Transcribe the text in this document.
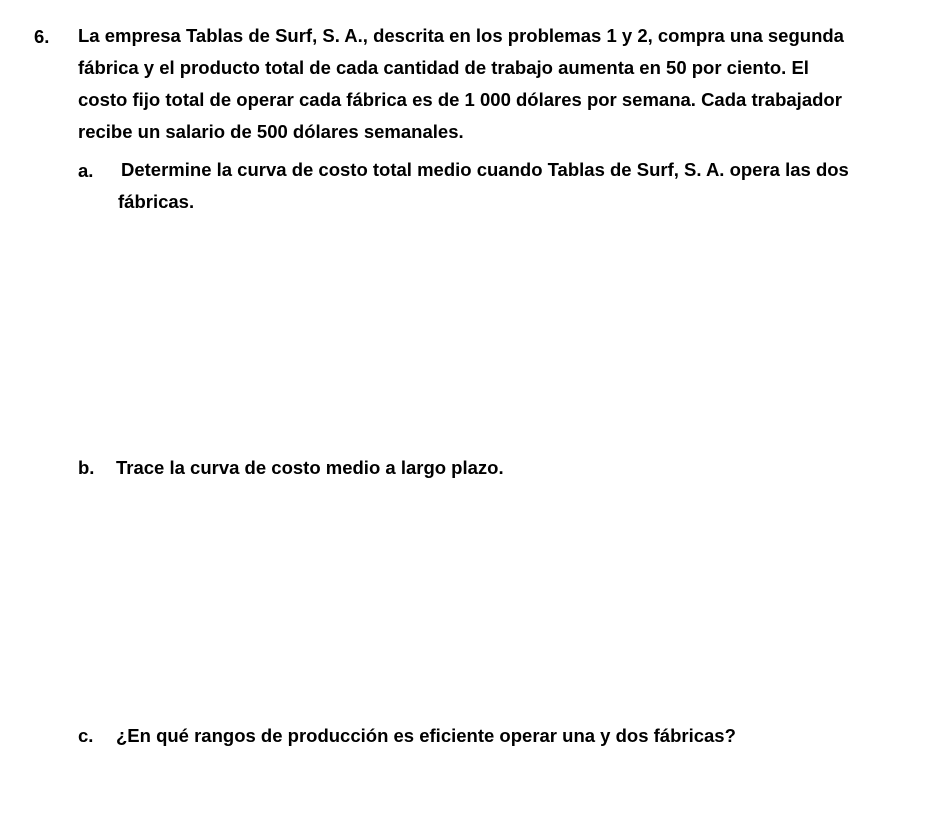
6. La empresa Tablas de Surf, S. A., descrita en los problemas 1 y 2, compra una segunda
fábrica y el producto total de cada cantidad de trabajo aumenta en 50 por ciento. El
costo fijo total de operar cada fábrica es de 1 000 dólares por semana. Cada trabajador
recibe un salario de 500 dólares semanales.
a. Determine la curva de costo total medio cuando Tablas de Surf, S. A. opera las dos
fábricas.
b. Trace la curva de costo medio a largo plazo.
c. ¿En qué rangos de producción es eficiente operar una y dos fábricas?
